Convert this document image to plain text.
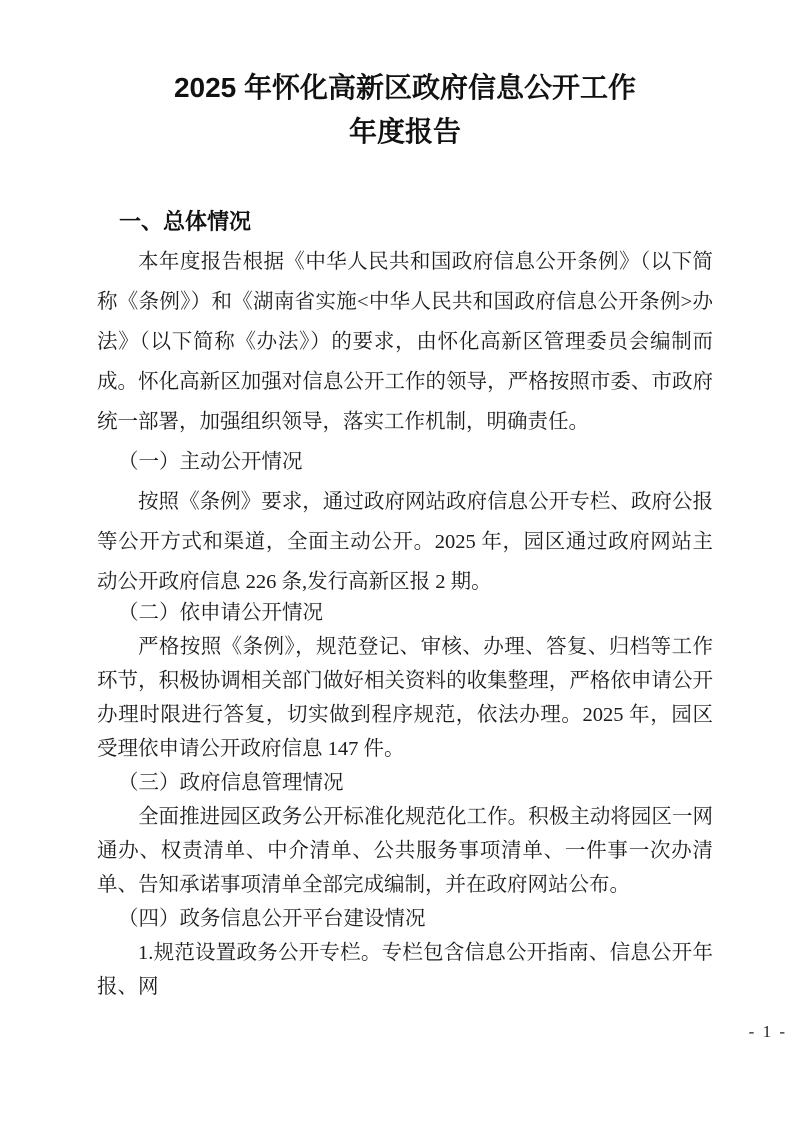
2025 年怀化高新区政府信息公开工作
年度报告
一、总体情况
本年度报告根据《中华人民共和国政府信息公开条例》（以下简称《条例》）和《湖南省实施<中华人民共和国政府信息公开条例>办法》（以下简称《办法》）的要求，由怀化高新区管理委员会编制而成。怀化高新区加强对信息公开工作的领导，严格按照市委、市政府统一部署，加强组织领导，落实工作机制，明确责任。
（一）主动公开情况
按照《条例》要求，通过政府网站政府信息公开专栏、政府公报等公开方式和渠道，全面主动公开。2025 年，园区通过政府网站主动公开政府信息 226 条,发行高新区报 2 期。
（二）依申请公开情况
严格按照《条例》，规范登记、审核、办理、答复、归档等工作环节，积极协调相关部门做好相关资料的收集整理，严格依申请公开办理时限进行答复，切实做到程序规范，依法办理。2025 年，园区受理依申请公开政府信息 147 件。
（三）政府信息管理情况
全面推进园区政务公开标准化规范化工作。积极主动将园区一网通办、权责清单、中介清单、公共服务事项清单、一件事一次办清单、告知承诺事项清单全部完成编制，并在政府网站公布。
（四）政务信息公开平台建设情况
1.规范设置政务公开专栏。专栏包含信息公开指南、信息公开年报、网
- 1 -
